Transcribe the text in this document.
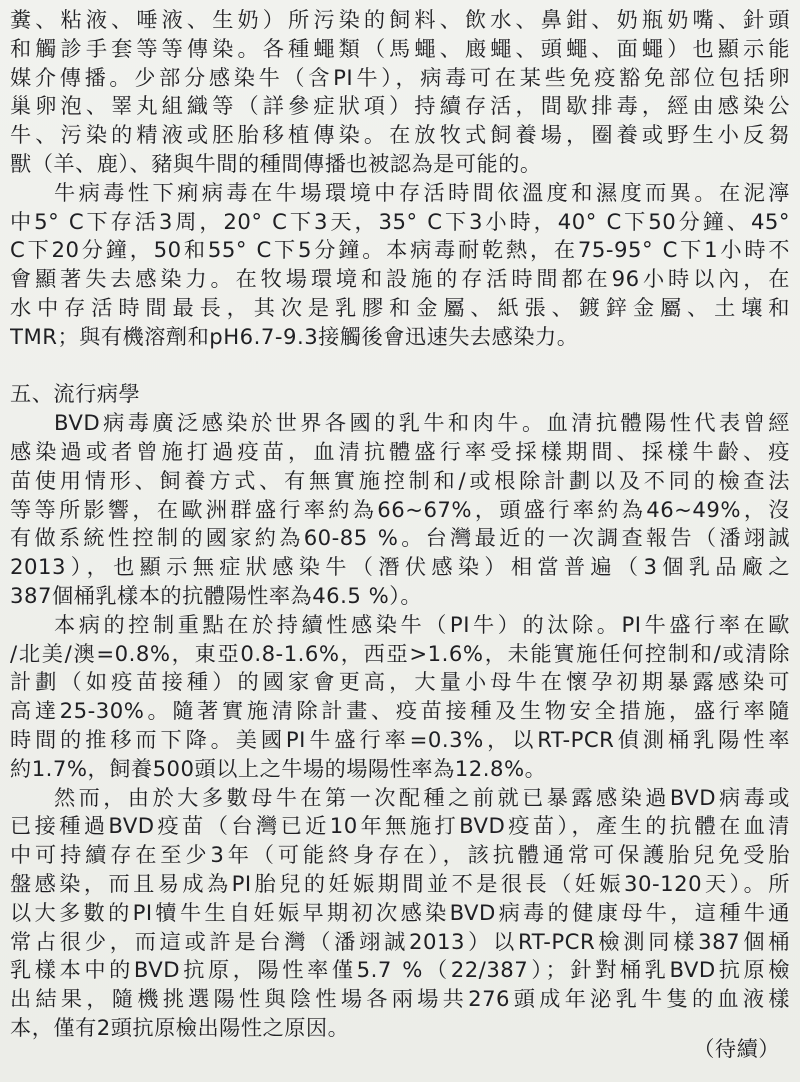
糞、粘液、唾液、生奶）所污染的飼料、飲水、鼻鉗、奶瓶奶嘴、針頭
和觸診手套等等傳染。各種蠅類（馬蠅、廄蠅、頭蠅、面蠅）也顯示能
媒介傳播。少部分感染牛（含PI牛），病毒可在某些免疫豁免部位包括卵
巢卵泡、睪丸組織等（詳參症狀項）持續存活，間歇排毒，經由感染公
牛、污染的精液或胚胎移植傳染。在放牧式飼養場，圈養或野生小反芻
獸（羊、鹿）、豬與牛間的種間傳播也被認為是可能的。
牛病毒性下痢病毒在牛場環境中存活時間依溫度和濕度而異。在泥濘
中5° C下存活3周，20° C下3天，35° C下3小時，40° C下50分鐘、45°
C下20分鐘，50和55° C下5分鐘。本病毒耐乾熱，在75-95° C下1小時不
會顯著失去感染力。在牧場環境和設施的存活時間都在96小時以內，在
水中存活時間最長，其次是乳膠和金屬、紙張、鍍鋅金屬、土壤和
TMR；與有機溶劑和pH6.7-9.3接觸後會迅速失去感染力。
五、流行病學
BVD病毒廣泛感染於世界各國的乳牛和肉牛。血清抗體陽性代表曾經
感染過或者曾施打過疫苗，血清抗體盛行率受採樣期間、採樣牛齡、疫
苗使用情形、飼養方式、有無實施控制和/或根除計劃以及不同的檢查法
等等所影響，在歐洲群盛行率約為66~67%，頭盛行率約為46~49%，沒
有做系統性控制的國家約為60-85 %。台灣最近的一次調查報告（潘翊誠
2013），也顯示無症狀感染牛（潛伏感染）相當普遍（3個乳品廠之
387個桶乳樣本的抗體陽性率為46.5 %）。
本病的控制重點在於持續性感染牛（PI牛）的汰除。PI牛盛行率在歐
/北美/澳=0.8%，東亞0.8-1.6%，西亞>1.6%，未能實施任何控制和/或清除
計劃（如疫苗接種）的國家會更高，大量小母牛在懷孕初期暴露感染可
高達25-30%。隨著實施清除計畫、疫苗接種及生物安全措施，盛行率隨
時間的推移而下降。美國PI牛盛行率=0.3%，以RT-PCR偵測桶乳陽性率
約1.7%，飼養500頭以上之牛場的場陽性率為12.8%。
然而，由於大多數母牛在第一次配種之前就已暴露感染過BVD病毒或
已接種過BVD疫苗（台灣已近10年無施打BVD疫苗），產生的抗體在血清
中可持續存在至少3年（可能終身存在），該抗體通常可保護胎兒免受胎
盤感染，而且易成為PI胎兒的妊娠期間並不是很長（妊娠30-120天）。所
以大多數的PI犢牛生自妊娠早期初次感染BVD病毒的健康母牛，這種牛通
常占很少，而這或許是台灣（潘翊誠2013）以RT-PCR檢測同樣387個桶
乳樣本中的BVD抗原，陽性率僅5.7 %（22/387）；針對桶乳BVD抗原檢
出結果，隨機挑選陽性與陰性場各兩場共276頭成年泌乳牛隻的血液樣
本，僅有2頭抗原檢出陽性之原因。
（待續）
